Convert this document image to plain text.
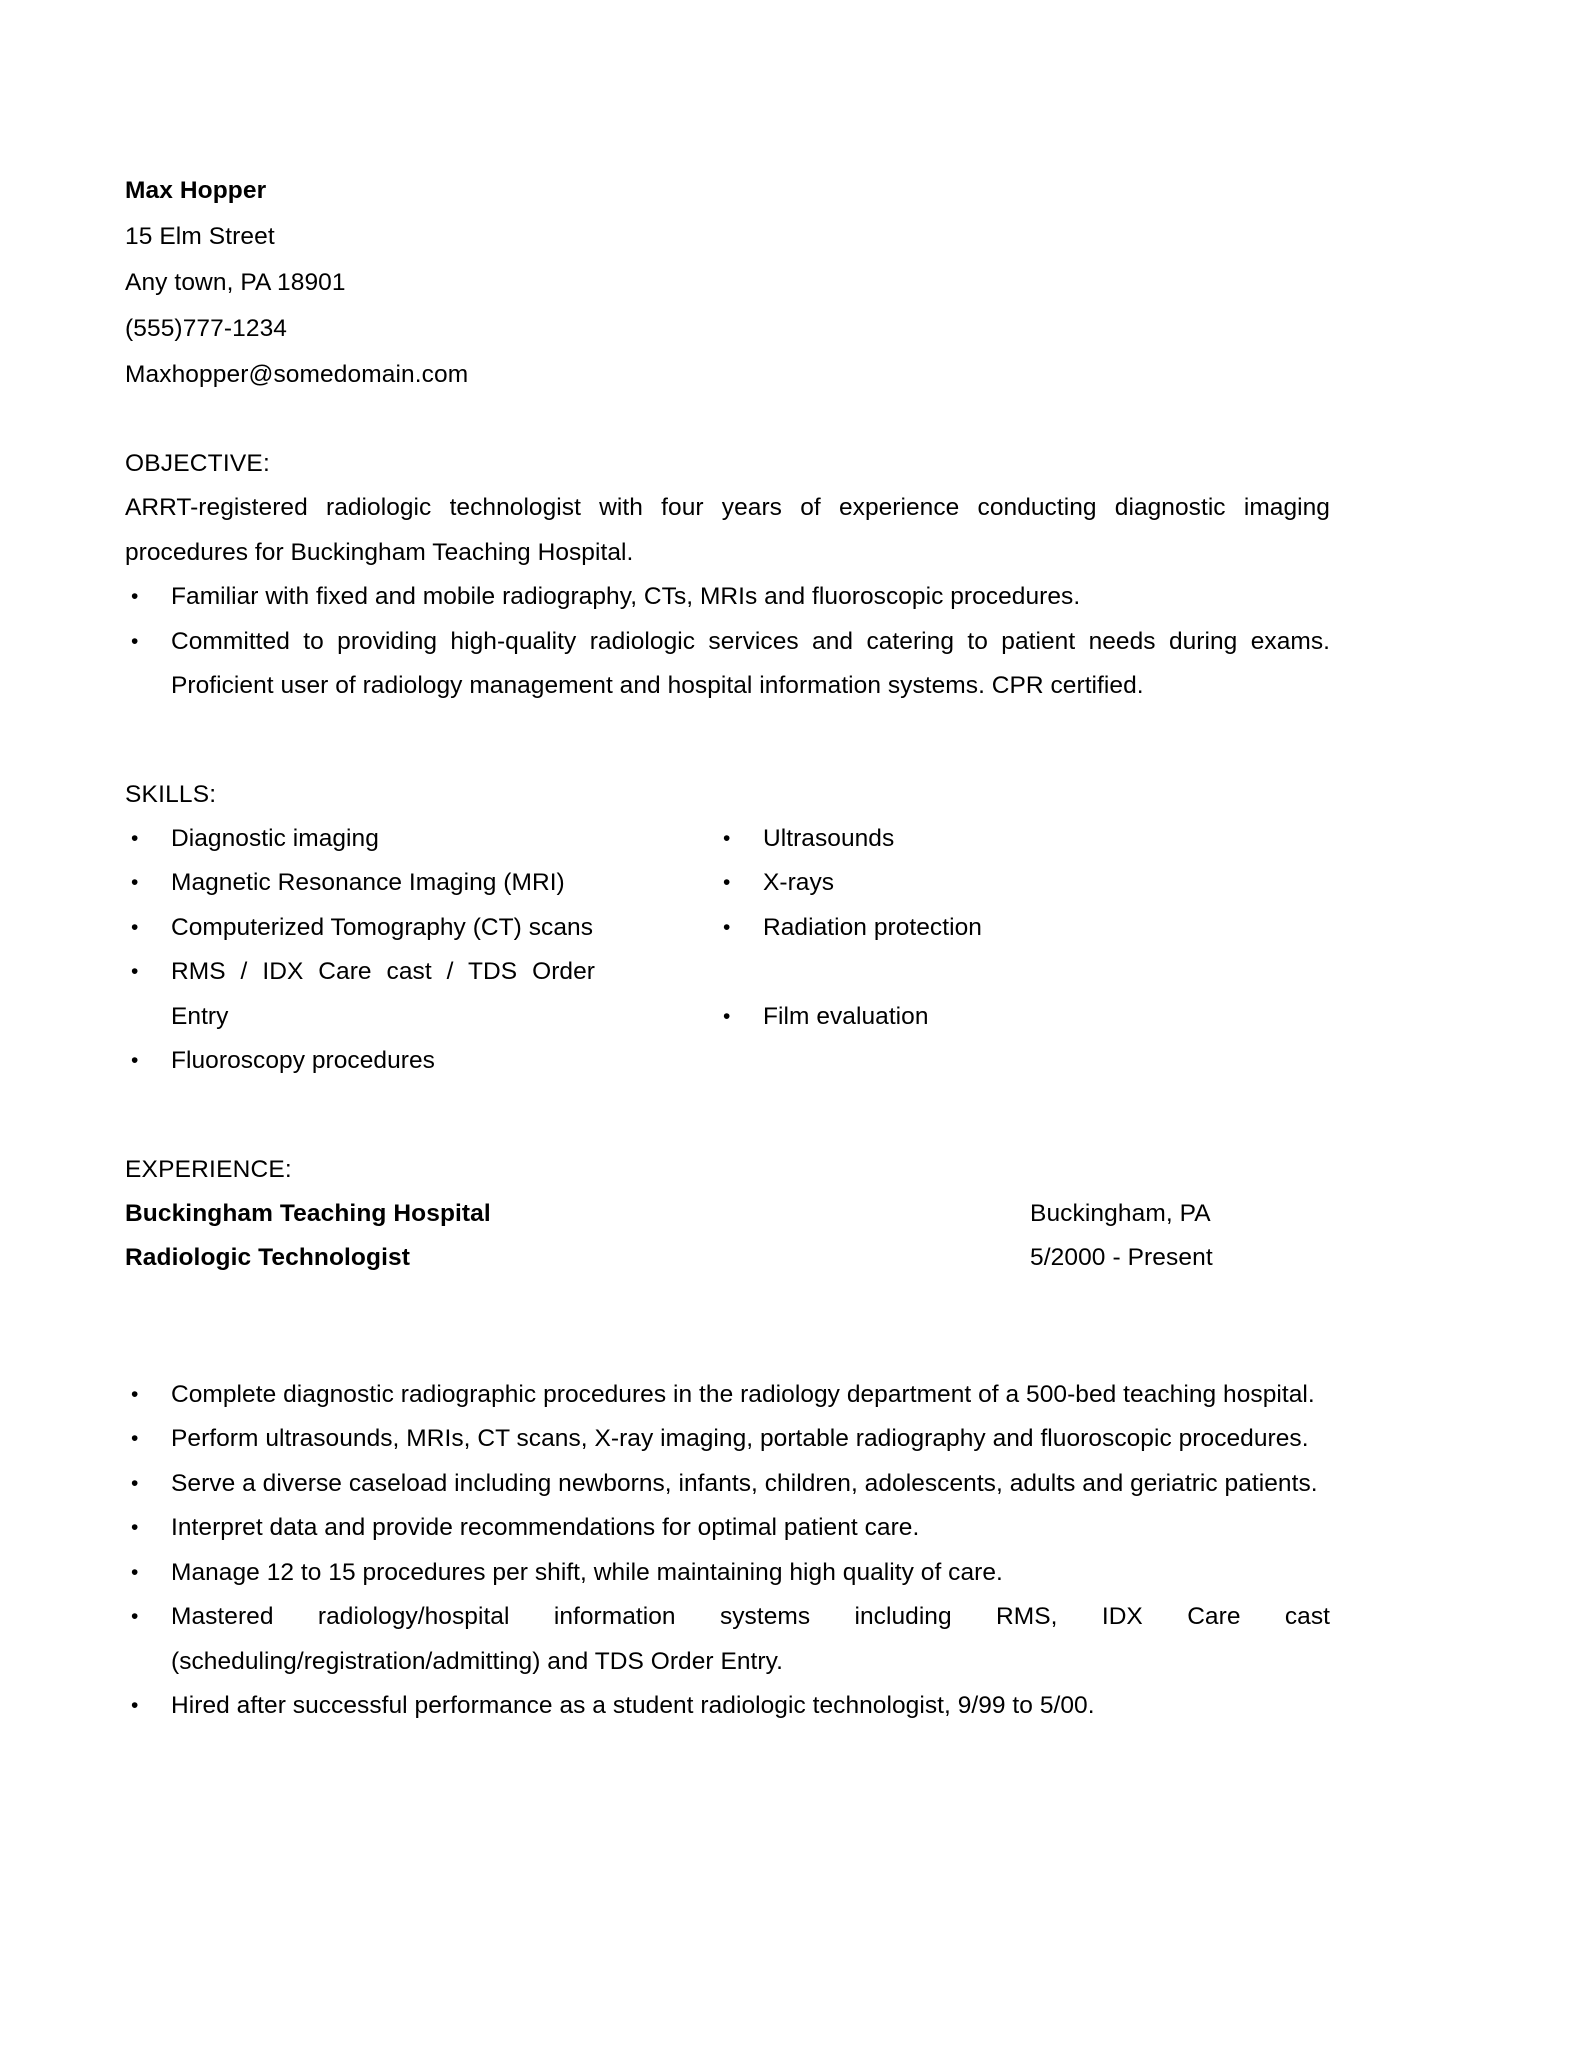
Max Hopper
15 Elm Street
Any town, PA 18901
(555)777-1234
Maxhopper@somedomain.com
OBJECTIVE:
ARRT-registered radiologic technologist with four years of experience conducting diagnostic imaging procedures for Buckingham Teaching Hospital.
• Familiar with fixed and mobile radiography, CTs, MRIs and fluoroscopic procedures.
• Committed to providing high-quality radiologic services and catering to patient needs during exams. Proficient user of radiology management and hospital information systems. CPR certified.
SKILLS:
• Diagnostic imaging
• Magnetic Resonance Imaging (MRI)
• Computerized Tomography (CT) scans
• RMS / IDX Care cast / TDS Order Entry
• Fluoroscopy procedures
• Ultrasounds
• X-rays
• Radiation protection
• Film evaluation
EXPERIENCE:
Buckingham Teaching Hospital	Buckingham, PA
Radiologic Technologist	5/2000 - Present
• Complete diagnostic radiographic procedures in the radiology department of a 500-bed teaching hospital.
• Perform ultrasounds, MRIs, CT scans, X-ray imaging, portable radiography and fluoroscopic procedures.
• Serve a diverse caseload including newborns, infants, children, adolescents, adults and geriatric patients.
• Interpret data and provide recommendations for optimal patient care.
• Manage 12 to 15 procedures per shift, while maintaining high quality of care.
• Mastered radiology/hospital information systems including RMS, IDX Care cast (scheduling/registration/admitting) and TDS Order Entry.
• Hired after successful performance as a student radiologic technologist, 9/99 to 5/00.
